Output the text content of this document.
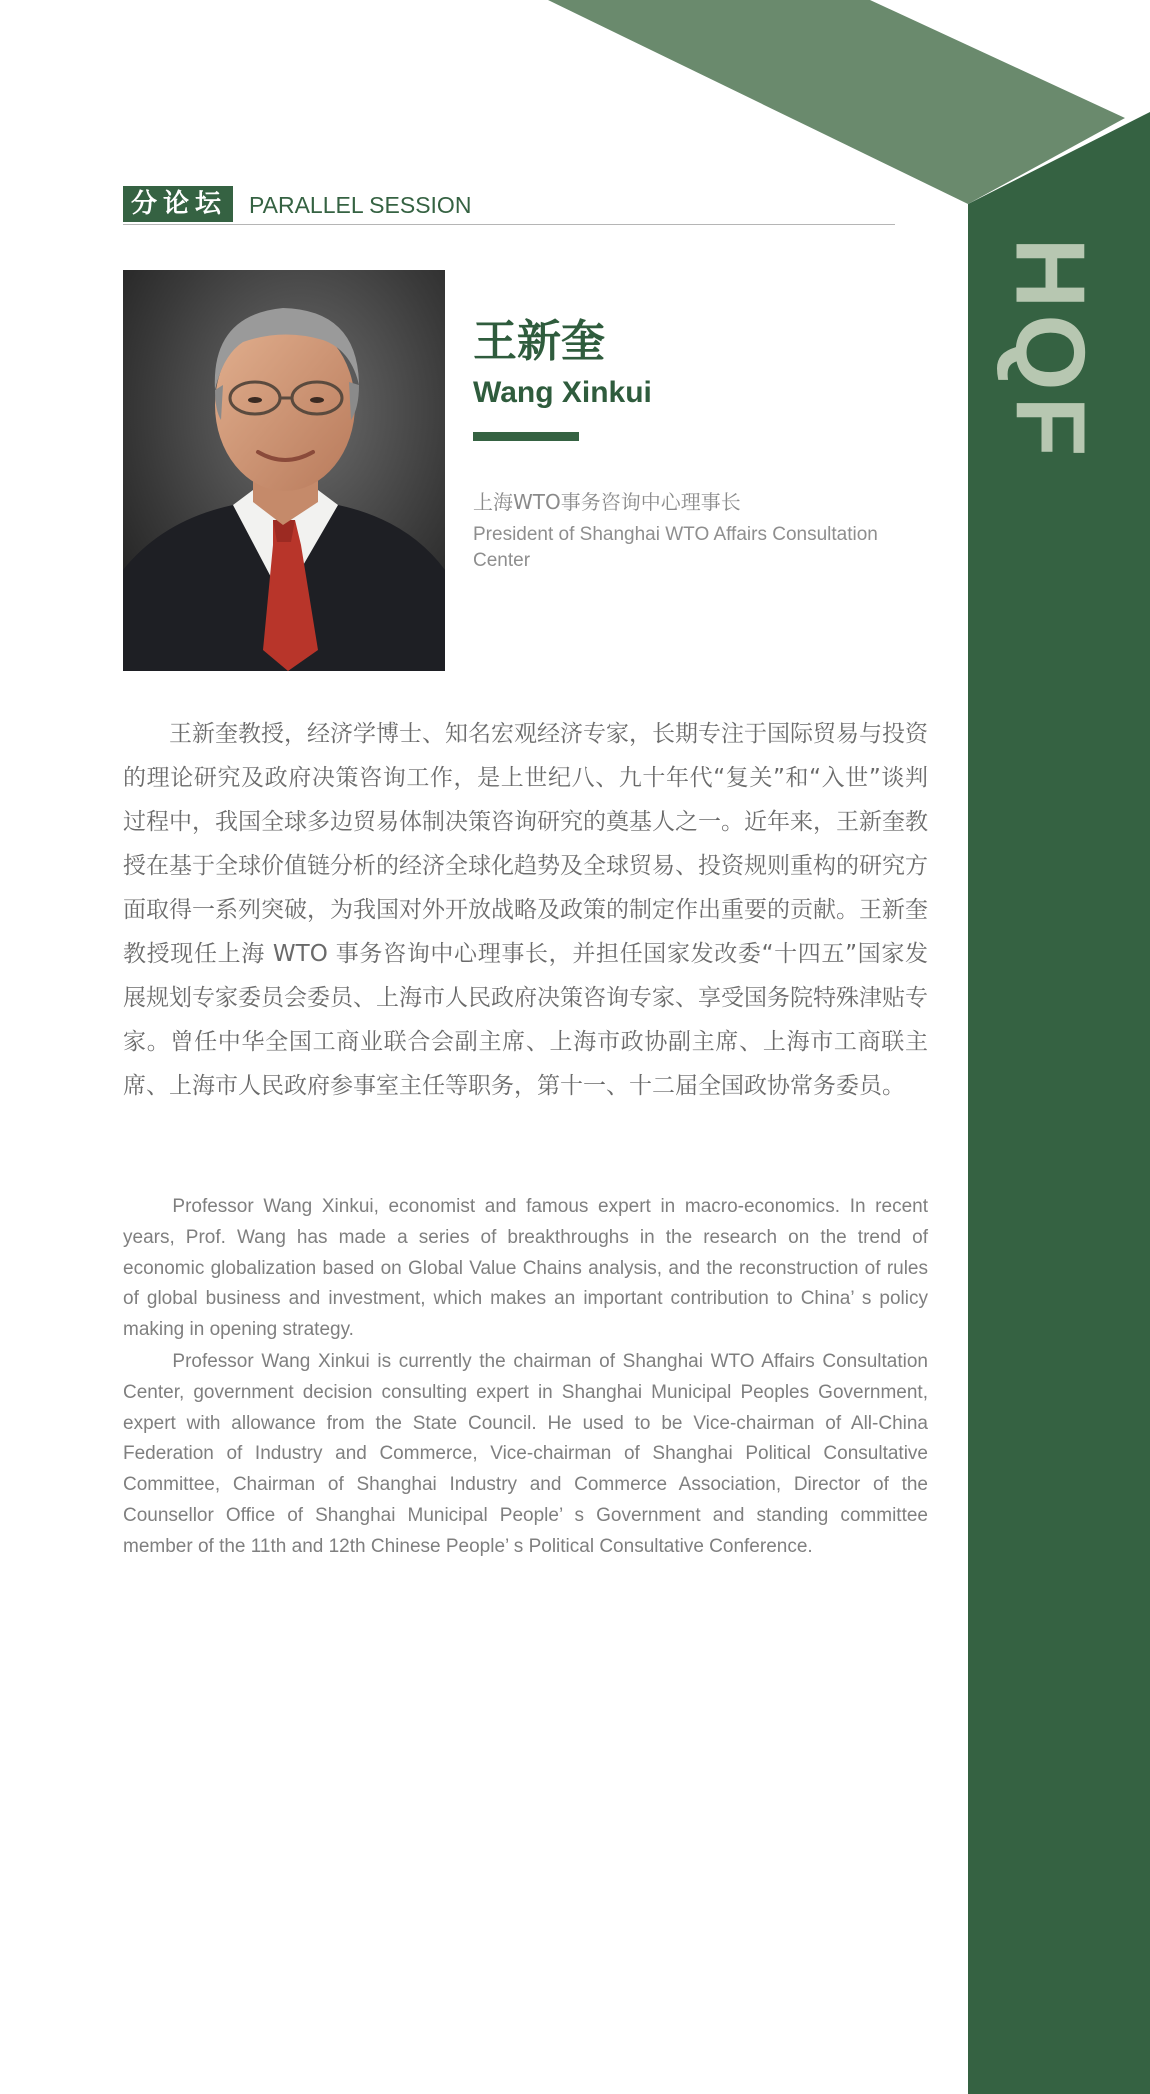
HQF
分论坛 PARALLEL SESSION
王新奎
Wang Xinkui
上海WTO事务咨询中心理事长
President of Shanghai WTO Affairs Consultation Center

王新奎教授，经济学博士、知名宏观经济专家，长期专注于国际贸易与投资的理论研究及政府决策咨询工作，是上世纪八、九十年代“复关”和“入世”谈判过程中，我国全球多边贸易体制决策咨询研究的奠基人之一。近年来，王新奎教授在基于全球价值链分析的经济全球化趋势及全球贸易、投资规则重构的研究方面取得一系列突破，为我国对外开放战略及政策的制定作出重要的贡献。王新奎教授现任上海 WTO 事务咨询中心理事长，并担任国家发改委“十四五”国家发展规划专家委员会委员、上海市人民政府决策咨询专家、享受国务院特殊津贴专家。曾任中华全国工商业联合会副主席、上海市政协副主席、上海市工商联主席、上海市人民政府参事室主任等职务，第十一、十二届全国政协常务委员。

Professor Wang Xinkui, economist and famous expert in macro-economics. In recent years, Prof. Wang has made a series of breakthroughs in the research on the trend of economic globalization based on Global Value Chains analysis, and the reconstruction of rules of global business and investment, which makes an important contribution to China’ s policy making in opening strategy.

Professor Wang Xinkui is currently the chairman of Shanghai WTO Affairs Consultation Center, government decision consulting expert in Shanghai Municipal Peoples Government, expert with allowance from the State Council. He used to be Vice-chairman of All-China Federation of Industry and Commerce, Vice-chairman of Shanghai Political Consultative Committee, Chairman of Shanghai Industry and Commerce Association, Director of the Counsellor Office of Shanghai Municipal People’ s Government and standing committee member of the 11th and 12th Chinese People’ s Political Consultative Conference.
